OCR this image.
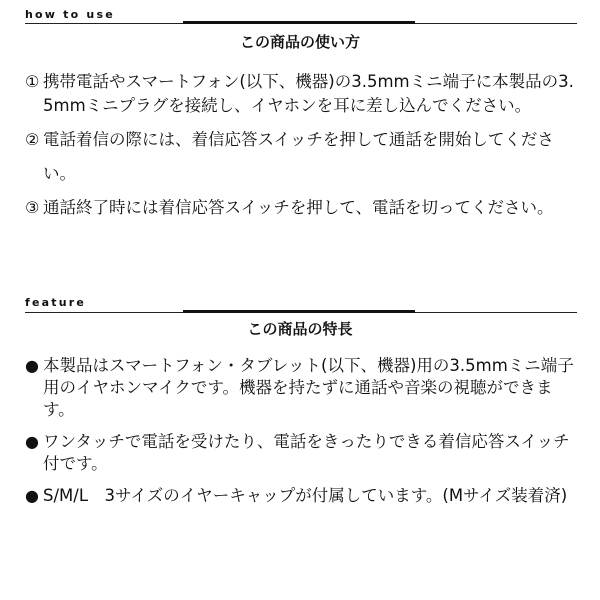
how to use
この商品の使い方
① 携帯電話やスマートフォン(以下、機器)の3.5mmミニ端子に本製品の3.5mmミニプラグを接続し、イヤホンを耳に差し込んでください。
② 電話着信の際には、着信応答スイッチを押して通話を開始してください。
③ 通話終了時には着信応答スイッチを押して、電話を切ってください。
feature
この商品の特長
● 本製品はスマートフォン・タブレット(以下、機器)用の3.5mmミニ端子用のイヤホンマイクです。機器を持たずに通話や音楽の視聴ができます。
● ワンタッチで電話を受けたり、電話をきったりできる着信応答スイッチ付です。
● S/M/L　3サイズのイヤーキャップが付属しています。(Mサイズ装着済)
